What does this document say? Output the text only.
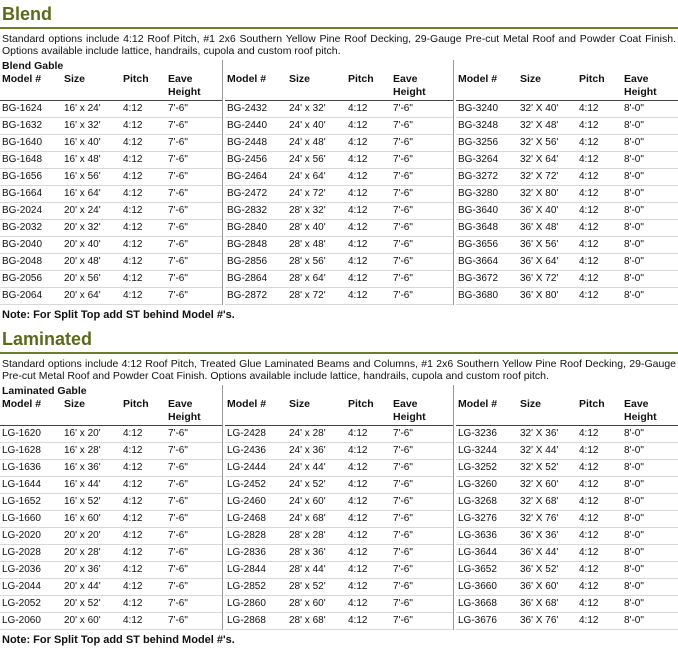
Blend
Standard options include 4:12 Roof Pitch, #1 2x6 Southern Yellow Pine Roof Decking, 29-Gauge Pre-cut Metal Roof and Powder Coat Finish. Options available include lattice, handrails, cupola and custom roof pitch.
Blend Gable
Model #	Size	Pitch	Eave
Height
BG-1624	16' x 24'	4:12	7'-6"
BG-1632	16' x 32'	4:12	7'-6"
BG-1640	16' x 40'	4:12	7'-6"
BG-1648	16' x 48'	4:12	7'-6"
BG-1656	16' x 56'	4:12	7'-6"
BG-1664	16' x 64'	4:12	7'-6"
BG-2024	20' x 24'	4:12	7'-6"
BG-2032	20' x 32'	4:12	7'-6"
BG-2040	20' x 40'	4:12	7'-6"
BG-2048	20' x 48'	4:12	7'-6"
BG-2056	20' x 56'	4:12	7'-6"
BG-2064	20' x 64'	4:12	7'-6"
Model #	Size	Pitch	Eave
Height
BG-2432	24' x 32'	4:12	7'-6"
BG-2440	24' x 40'	4:12	7'-6"
BG-2448	24' x 48'	4:12	7'-6"
BG-2456	24' x 56'	4:12	7'-6"
BG-2464	24' x 64'	4:12	7'-6"
BG-2472	24' x 72'	4:12	7'-6"
BG-2832	28' x 32'	4:12	7'-6"
BG-2840	28' x 40'	4:12	7'-6"
BG-2848	28' x 48'	4:12	7'-6"
BG-2856	28' x 56'	4:12	7'-6"
BG-2864	28' x 64'	4:12	7'-6"
BG-2872	28' x 72'	4:12	7'-6"
Model #	Size	Pitch	Eave
Height
BG-3240	32' X 40'	4:12	8'-0"
BG-3248	32' X 48'	4:12	8'-0"
BG-3256	32' X 56'	4:12	8'-0"
BG-3264	32' X 64'	4:12	8'-0"
BG-3272	32' X 72'	4:12	8'-0"
BG-3280	32' X 80'	4:12	8'-0"
BG-3640	36' X 40'	4:12	8'-0"
BG-3648	36' X 48'	4:12	8'-0"
BG-3656	36' X 56'	4:12	8'-0"
BG-3664	36' X 64'	4:12	8'-0"
BG-3672	36' X 72'	4:12	8'-0"
BG-3680	36' X 80'	4:12	8'-0"
Note: For Split Top add ST behind Model #'s.
Laminated
Standard options include 4:12 Roof Pitch, Treated Glue Laminated Beams and Columns, #1 2x6 Southern Yellow Pine Roof Decking, 29-Gauge Pre-cut Metal Roof and Powder Coat Finish. Options available include lattice, handrails, cupola and custom roof pitch.
Laminated Gable
Model #	Size	Pitch	Eave
Height
LG-1620	16' x 20'	4:12	7'-6"
LG-1628	16' x 28'	4:12	7'-6"
LG-1636	16' x 36'	4:12	7'-6"
LG-1644	16' x 44'	4:12	7'-6"
LG-1652	16' x 52'	4:12	7'-6"
LG-1660	16' x 60'	4:12	7'-6"
LG-2020	20' x 20'	4:12	7'-6"
LG-2028	20' x 28'	4:12	7'-6"
LG-2036	20' x 36'	4:12	7'-6"
LG-2044	20' x 44'	4:12	7'-6"
LG-2052	20' x 52'	4:12	7'-6"
LG-2060	20' x 60'	4:12	7'-6"
Model #	Size	Pitch	Eave
Height
LG-2428	24' x 28'	4:12	7'-6"
LG-2436	24' x 36'	4:12	7'-6"
LG-2444	24' x 44'	4:12	7'-6"
LG-2452	24' x 52'	4:12	7'-6"
LG-2460	24' x 60'	4:12	7'-6"
LG-2468	24' x 68'	4:12	7'-6"
LG-2828	28' x 28'	4:12	7'-6"
LG-2836	28' x 36'	4:12	7'-6"
LG-2844	28' x 44'	4:12	7'-6"
LG-2852	28' x 52'	4:12	7'-6"
LG-2860	28' x 60'	4:12	7'-6"
LG-2868	28' x 68'	4:12	7'-6"
Model #	Size	Pitch	Eave
Height
LG-3236	32' X 36'	4:12	8'-0"
LG-3244	32' X 44'	4:12	8'-0"
LG-3252	32' X 52'	4:12	8'-0"
LG-3260	32' X 60'	4:12	8'-0"
LG-3268	32' X 68'	4:12	8'-0"
LG-3276	32' X 76'	4:12	8'-0"
LG-3636	36' X 36'	4:12	8'-0"
LG-3644	36' X 44'	4:12	8'-0"
LG-3652	36' X 52'	4:12	8'-0"
LG-3660	36' X 60'	4:12	8'-0"
LG-3668	36' X 68'	4:12	8'-0"
LG-3676	36' X 76'	4:12	8'-0"
Note: For Split Top add ST behind Model #'s.
